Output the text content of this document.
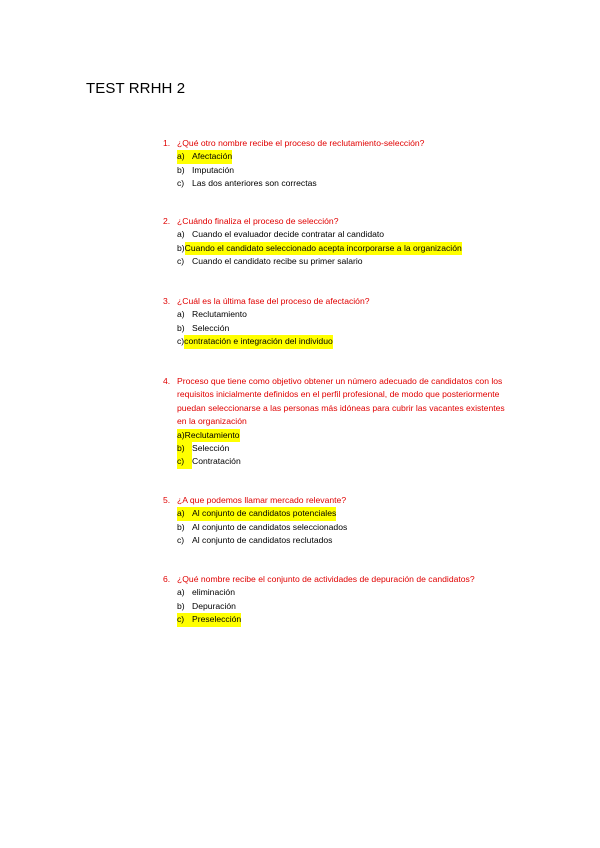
TEST RRHH 2
1. ¿Qué otro nombre recibe el proceso de reclutamiento-selección?
a) Afectación
b) Imputación
c) Las dos anteriores son correctas
2. ¿Cuándo finaliza el proceso de selección?
a) Cuando el evaluador decide contratar al candidato
b) Cuando el candidato seleccionado acepta incorporarse a la organización
c) Cuando el candidato recibe su primer salario
3. ¿Cuál es la última fase del proceso de afectación?
a) Reclutamiento
b) Selección
c) contratación e integración del individuo
4. Proceso que tiene como objetivo obtener un número adecuado de candidatos con los requisitos inicialmente definidos en el perfil profesional, de modo que posteriormente puedan seleccionarse a las personas más idóneas para cubrir las vacantes existentes en la organización
a) Reclutamiento
b) Selección
c) Contratación
5. ¿A que podemos llamar mercado relevante?
a) Al conjunto de candidatos potenciales
b) Al conjunto de candidatos seleccionados
c) Al conjunto de candidatos reclutados
6. ¿Qué nombre recibe el conjunto de actividades de depuración de candidatos?
a) eliminación
b) Depuración
c) Preselección
